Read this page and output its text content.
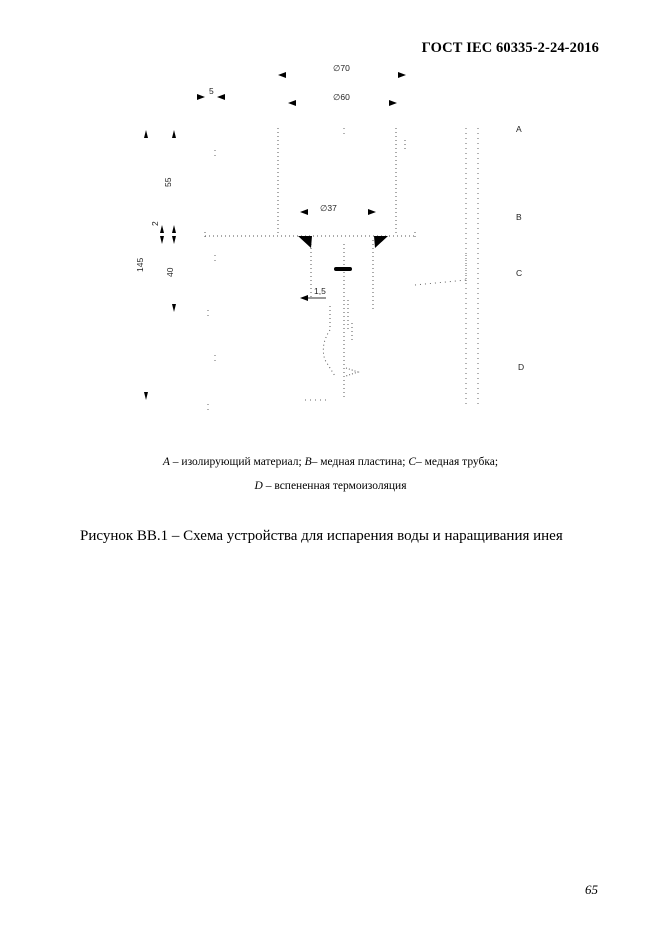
ГОСТ IEC 60335-2-24-2016
∅70
∅60
5
∅37
55
2
40
145
1,5
A
B
C
D
A – изолирующий материал; B– медная пластина; C– медная трубка;
D – вспененная термоизоляция
Рисунок ВВ.1 – Схема устройства для испарения воды и наращивания инея
65
